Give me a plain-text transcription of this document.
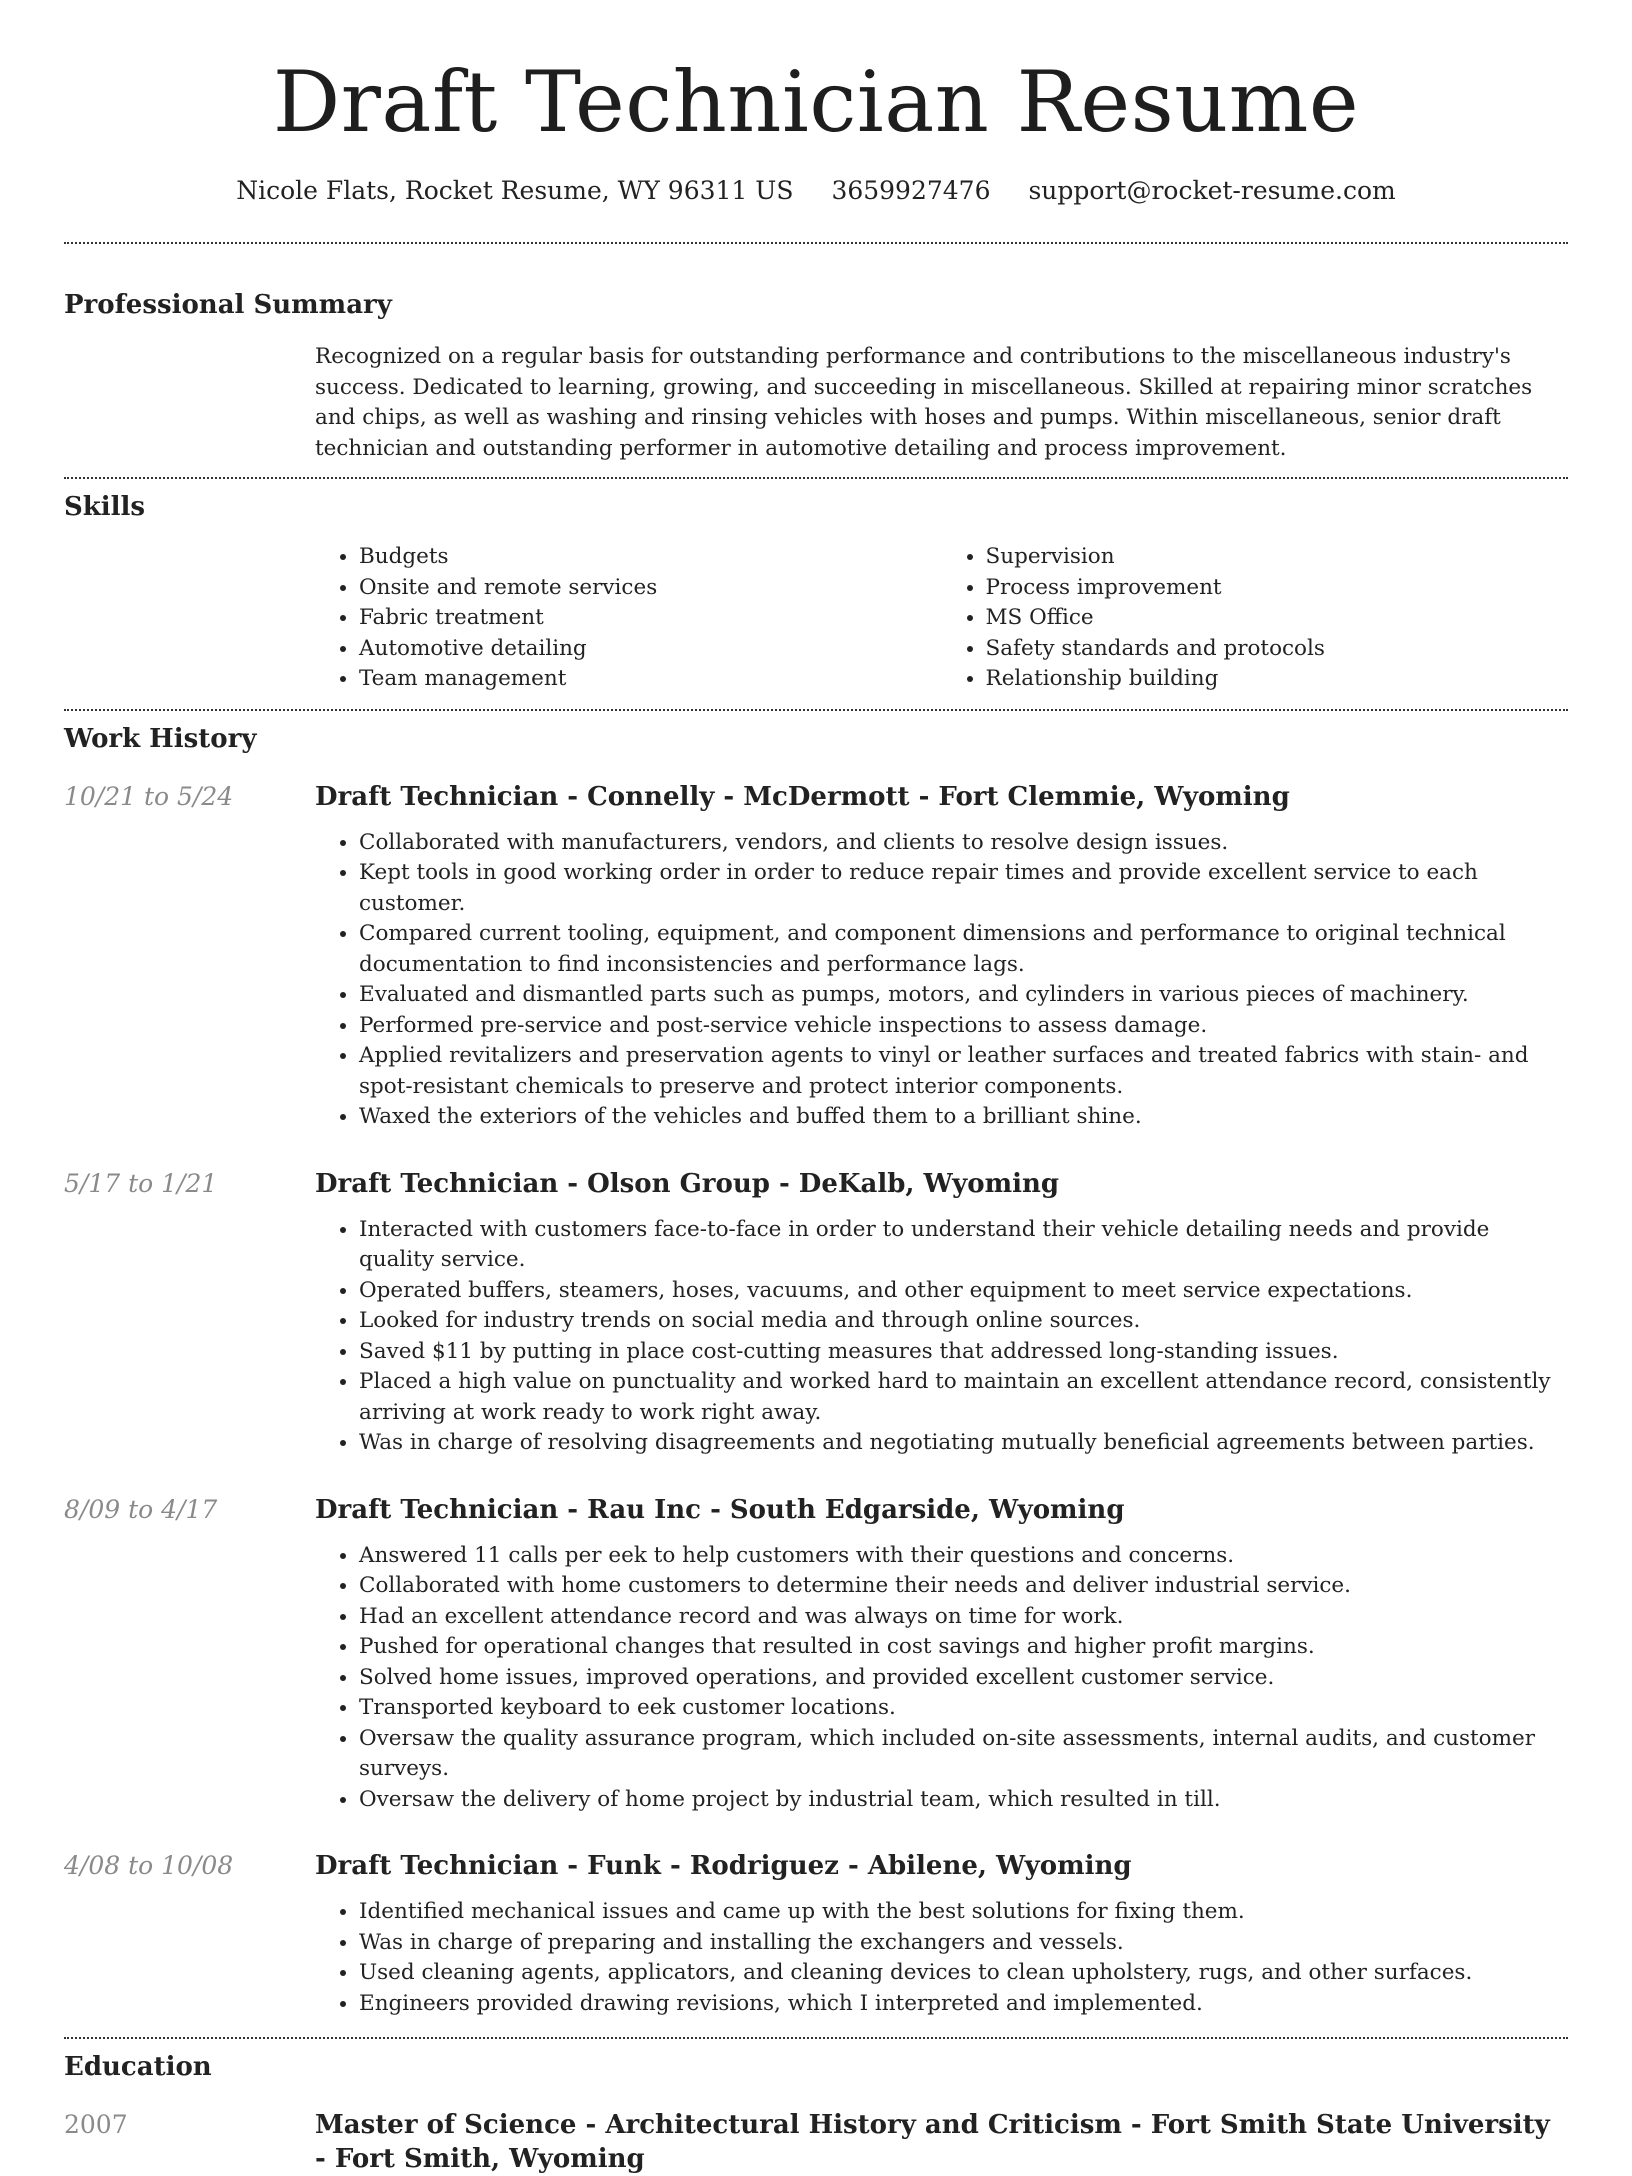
Draft Technician Resume
Nicole Flats, Rocket Resume, WY 96311 US 3659927476 support@rocket-resume.com
Professional Summary

Recognized on a regular basis for outstanding performance and contributions to the miscellaneous industry's success. Dedicated to learning, growing, and succeeding in miscellaneous. Skilled at repairing minor scratches and chips, as well as washing and rinsing vehicles with hoses and pumps. Within miscellaneous, senior draft technician and outstanding performer in automotive detailing and process improvement.

Skills
• Budgets
• Onsite and remote services
• Fabric treatment
• Automotive detailing
• Team management
• Supervision
• Process improvement
• MS Office
• Safety standards and protocols
• Relationship building
Work History
10/21 to 5/24	Draft Technician - Connelly - McDermott - Fort Clemmie, Wyoming
• Collaborated with manufacturers, vendors, and clients to resolve design issues.
• Kept tools in good working order in order to reduce repair times and provide excellent service to each customer.
• Compared current tooling, equipment, and component dimensions and performance to original technical documentation to find inconsistencies and performance lags.
• Evaluated and dismantled parts such as pumps, motors, and cylinders in various pieces of machinery.
• Performed pre-service and post-service vehicle inspections to assess damage.
• Applied revitalizers and preservation agents to vinyl or leather surfaces and treated fabrics with stain- and spot-resistant chemicals to preserve and protect interior components.
• Waxed the exteriors of the vehicles and buffed them to a brilliant shine.
5/17 to 1/21	Draft Technician - Olson Group - DeKalb, Wyoming
• Interacted with customers face-to-face in order to understand their vehicle detailing needs and provide quality service.
• Operated buffers, steamers, hoses, vacuums, and other equipment to meet service expectations.
• Looked for industry trends on social media and through online sources.
• Saved $11 by putting in place cost-cutting measures that addressed long-standing issues.
• Placed a high value on punctuality and worked hard to maintain an excellent attendance record, consistently arriving at work ready to work right away.
• Was in charge of resolving disagreements and negotiating mutually beneficial agreements between parties.
8/09 to 4/17	Draft Technician - Rau Inc - South Edgarside, Wyoming
• Answered 11 calls per eek to help customers with their questions and concerns.
• Collaborated with home customers to determine their needs and deliver industrial service.
• Had an excellent attendance record and was always on time for work.
• Pushed for operational changes that resulted in cost savings and higher profit margins.
• Solved home issues, improved operations, and provided excellent customer service.
• Transported keyboard to eek customer locations.
• Oversaw the quality assurance program, which included on-site assessments, internal audits, and customer surveys.
• Oversaw the delivery of home project by industrial team, which resulted in till.
4/08 to 10/08	Draft Technician - Funk - Rodriguez - Abilene, Wyoming
• Identified mechanical issues and came up with the best solutions for fixing them.
• Was in charge of preparing and installing the exchangers and vessels.
• Used cleaning agents, applicators, and cleaning devices to clean upholstery, rugs, and other surfaces.
• Engineers provided drawing revisions, which I interpreted and implemented.
Education
2007	Master of Science - Architectural History and Criticism - Fort Smith State University - Fort Smith, Wyoming
